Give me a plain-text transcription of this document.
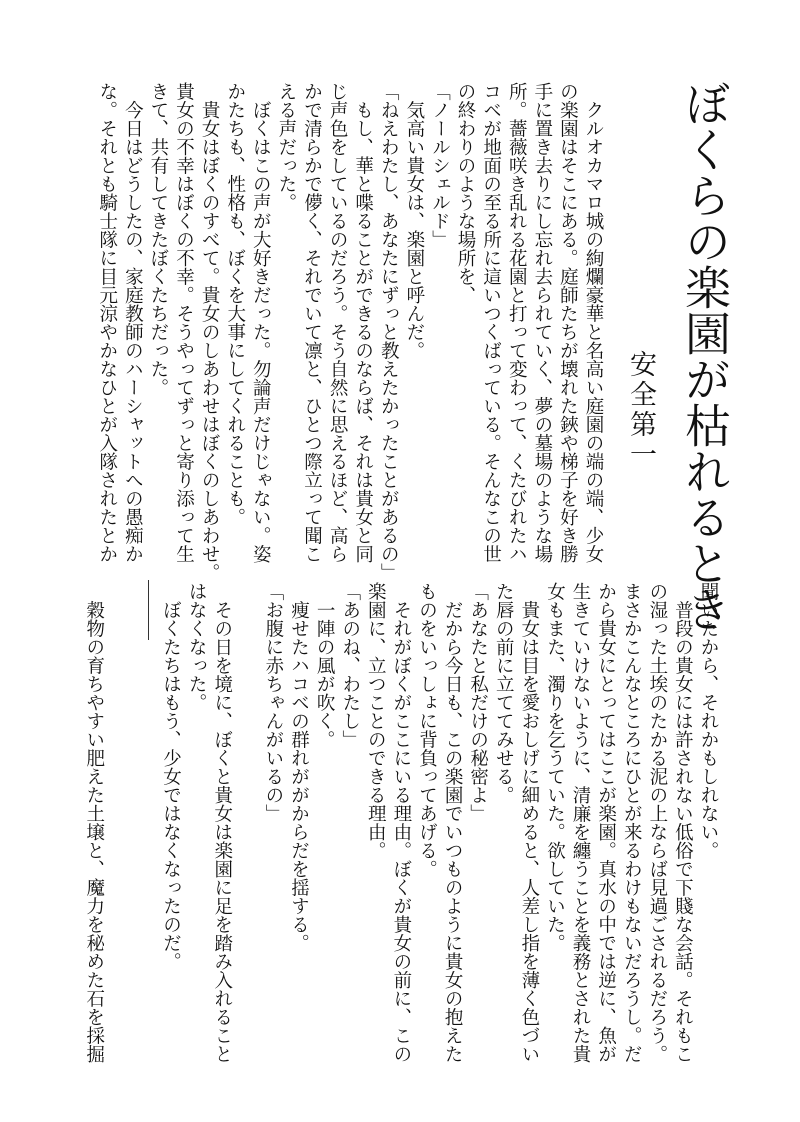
ぼくらの楽園が枯れるとき
安全第一
　クルオカマロ城の絢爛豪華と名高い庭園の端の端、少女
の楽園はそこにある。庭師たちが壊れた鋏や梯子を好き勝
手に置き去りにし忘れ去られていく、夢の墓場のような場
所。薔薇咲き乱れる花園と打って変わって、くたびれたハ
コベが地面の至る所に這いつくばっている。そんなこの世
の終わりのような場所を、
「ノールシェルド」
　気高い貴女は、楽園と呼んだ。
「ねえわたし、あなたにずっと教えたかったことがあるの」
　もし、華と喋ることができるのならば、それは貴女と同
じ声色をしているのだろう。そう自然に思えるほど、高ら
かで清らかで儚く、それでいて凛と、ひとつ際立って聞こ
える声だった。
　ぼくはこの声が大好きだった。勿論声だけじゃない。姿
かたちも、性格も、ぼくを大事にしてくれることも。
　貴女はぼくのすべて。貴女のしあわせはぼくのしあわせ。
貴女の不幸はぼくの不幸。そうやってずっと寄り添って生
きて、共有してきたぼくたちだった。
　今日はどうしたの、家庭教師のハーシャットへの愚痴か
な。それとも騎士隊に目元涼やかなひとが入隊されたとか
聞いたから、それかもしれない。
　普段の貴女には許されない低俗で下賤な会話。それもこ
の湿った土埃のたかる泥の上ならば見過ごされるだろう。
まさかこんなところにひとが来るわけもないだろうし。だ
から貴女にとってはここが楽園。真水の中では逆に、魚が
生きていけないように、清廉を纏うことを義務とされた貴
女もまた、濁りを乞うていた。欲していた。
　貴女は目を愛おしげに細めると、人差し指を薄く色づい
た唇の前に立ててみせる。
「あなたと私だけの秘密よ」
　だから今日も、この楽園でいつものように貴女の抱えた
ものをいっしょに背負ってあげる。
　それがぼくがここにいる理由。ぼくが貴女の前に、この
楽園に、立つことのできる理由。
「あのね、わたし」
　一陣の風が吹く。
　痩せたハコベの群れががからだを揺する。
「お腹に赤ちゃんがいるの」

　その日を境に、ぼくと貴女は楽園に足を踏み入れること
はなくなった。
　ぼくたちはもう、少女ではなくなったのだ。

　穀物の育ちやすい肥えた土壌と、魔力を秘めた石を採掘
